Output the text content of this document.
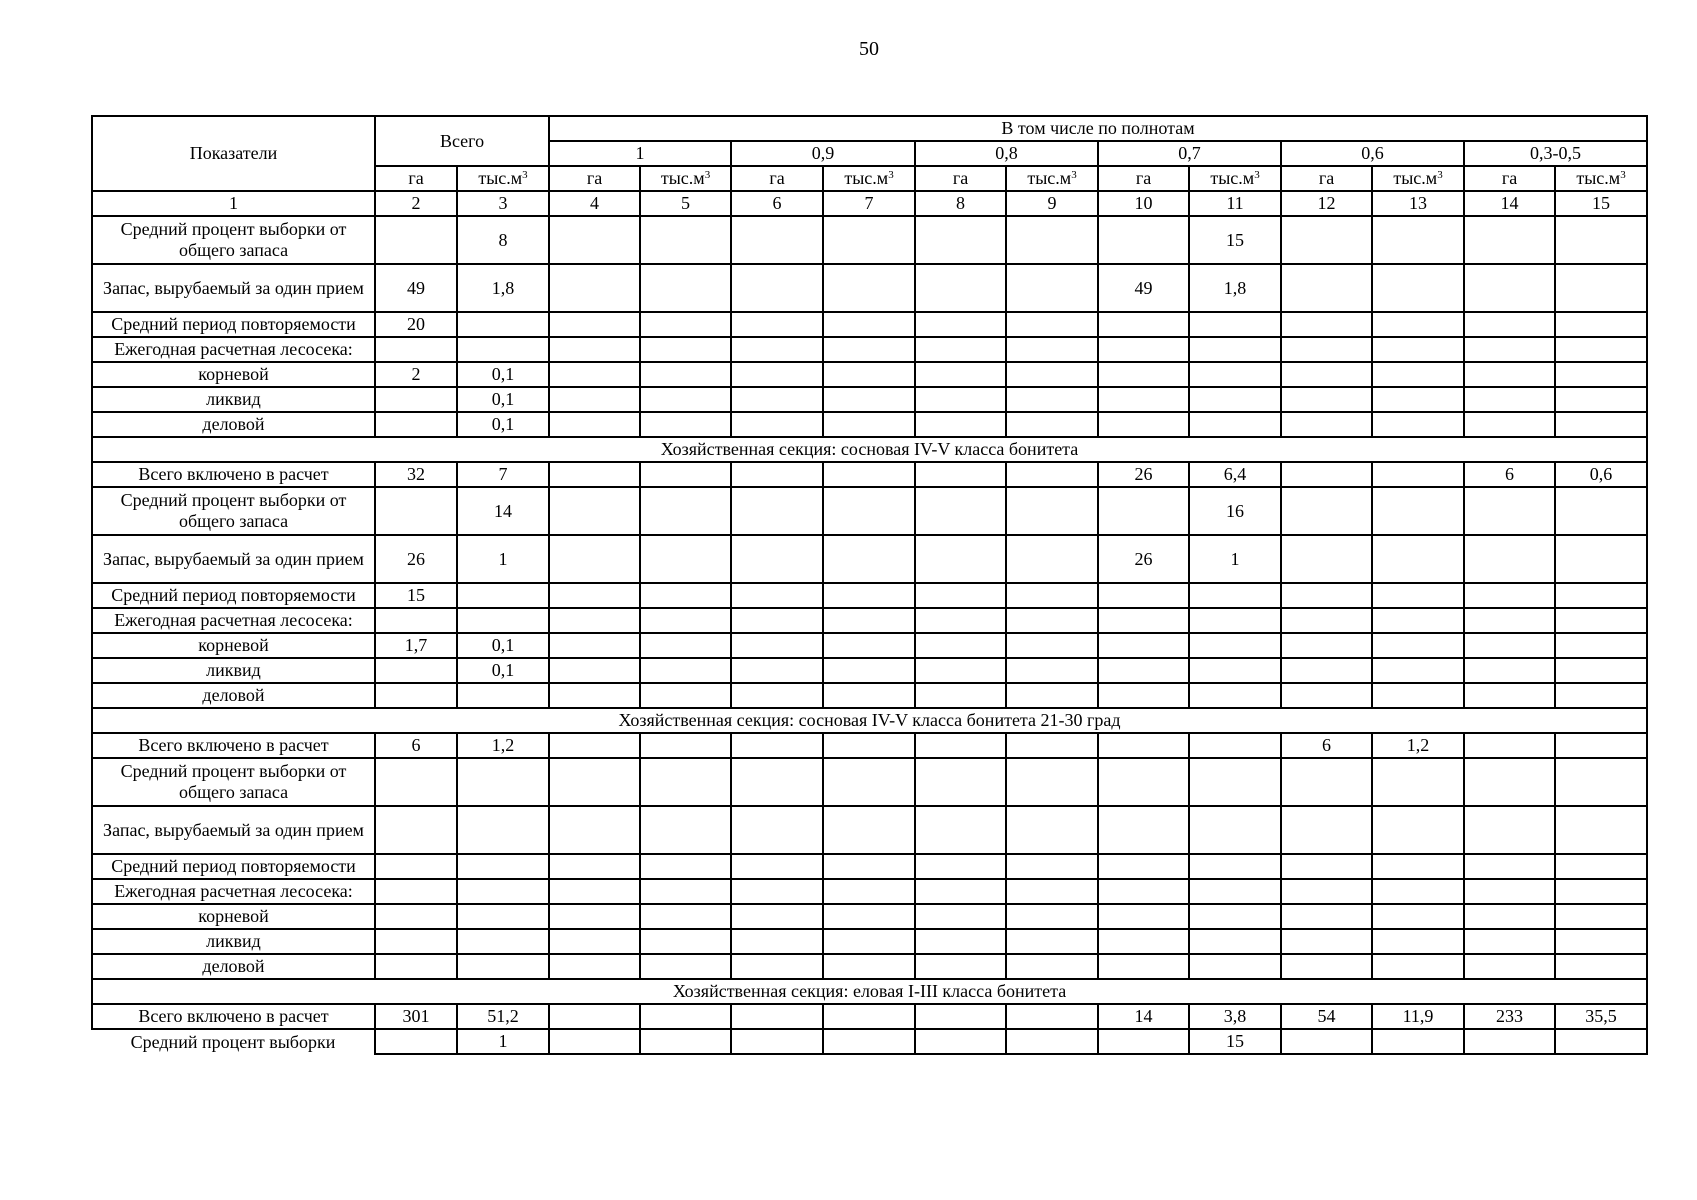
50
Показатели	Всего		В том числе по полнотам											
			1		0,9		0,8		0,7		0,6		0,3-0,5	
	га	$тыс.м^3$	га	$тыс.м^3$	га	$тыс.м^3$	га	$тыс.м^3$	га	$тыс.м^3$	га	$тыс.м^3$	га	$тыс.м^3$
1	2	3	4	5	6	7	8	9	10	11	12	13	14	15
Средний процент выборки от общего запаса		8								15				
Запас, вырубаемый за один прием	49	1,8							49	1,8				
Средний период повторяемости	20													
Ежегодная расчетная лесосека:														
корневой	2	0,1												
ликвид		0,1												
деловой		0,1												
Хозяйственная секция: сосновая IV-V класса бонитета														
Всего включено в расчет	32	7							26	6,4			6	0,6
Средний процент выборки от общего запаса		14								16				
Запас, вырубаемый за один прием	26	1							26	1				
Средний период повторяемости	15													
Ежегодная расчетная лесосека:														
корневой	1,7	0,1												
ликвид		0,1												
деловой														
Хозяйственная секция: сосновая IV-V класса бонитета 21-30 град														
Всего включено в расчет	6	1,2									6	1,2		
Средний процент выборки от общего запаса														
Запас, вырубаемый за один прием														
Средний период повторяемости														
Ежегодная расчетная лесосека:														
корневой														
ликвид														
деловой														
Хозяйственная секция: еловая I-III класса бонитета														
Всего включено в расчет	301	51,2							14	3,8	54	11,9	233	35,5
Средний процент выборки		1								15				
